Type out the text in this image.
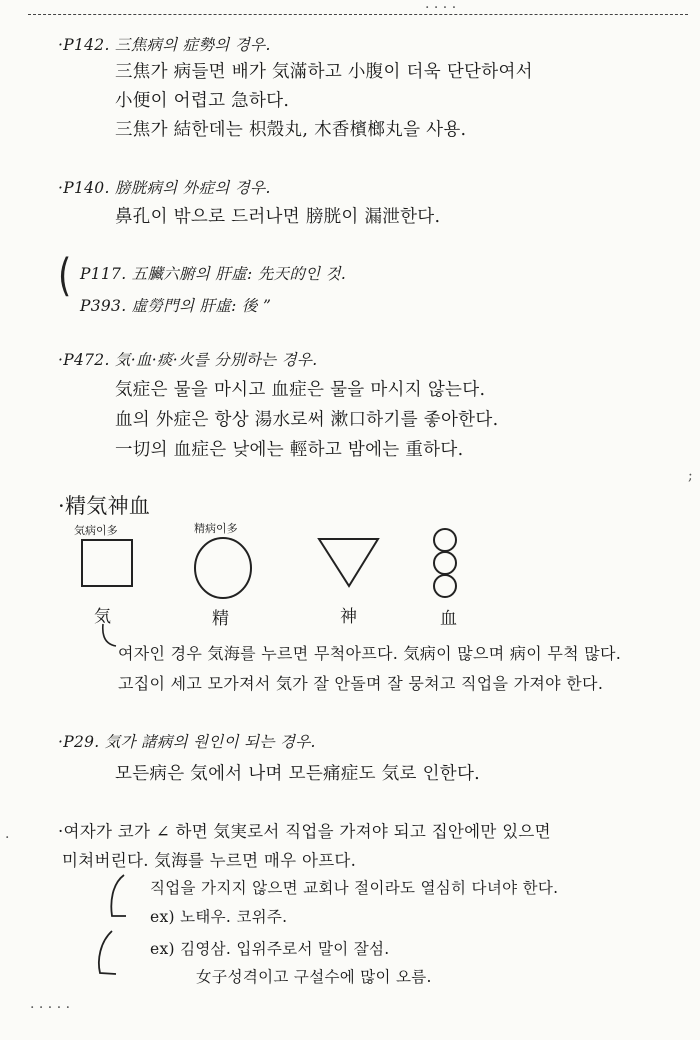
· · · ·
·P142. 三焦病의 症勢의 경우.
三焦가 病들면 배가 気滿하고 小腹이 더욱 단단하여서
小便이 어렵고 急하다.
三焦가 結한데는 枳殼丸, 木香檳榔丸을 사용.
·P140. 膀胱病의 外症의 경우.
鼻孔이 밖으로 드러나면 膀胱이 漏泄한다.
( P117. 五臟六腑의 肝虛: 先天的인 것.
P393. 虛勞門의 肝虛: 後 ”
·P472. 気·血·痰·火를 分別하는 경우.
気症은 물을 마시고 血症은 물을 마시지 않는다.
血의 外症은 항상 湯水로써 漱口하기를 좋아한다.
一切의 血症은 낮에는 輕하고 밤에는 重하다.
;
·精気神血
気病이多	精病이多
気	精	神	血
여자인 경우 気海를 누르면 무척아프다. 気病이 많으며 病이 무척 많다.
고집이 세고 모가져서 気가 잘 안돌며 잘 뭉쳐고 직업을 가져야 한다.
·P29. 気가 諸病의 원인이 되는 경우.
모든病은 気에서 나며 모든痛症도 気로 인한다.
·여자가 코가 ∠ 하면 気実로서 직업을 가져야 되고 집안에만 있으면
미쳐버린다. 気海를 누르면 매우 아프다.
직업을 가지지 않으면 교회나 절이라도 열심히 다녀야 한다.
ex) 노태우. 코위주.
ex) 김영삼. 입위주로서 말이 잘섬.
女子성격이고 구설수에 많이 오름.
· · · · ·
·
